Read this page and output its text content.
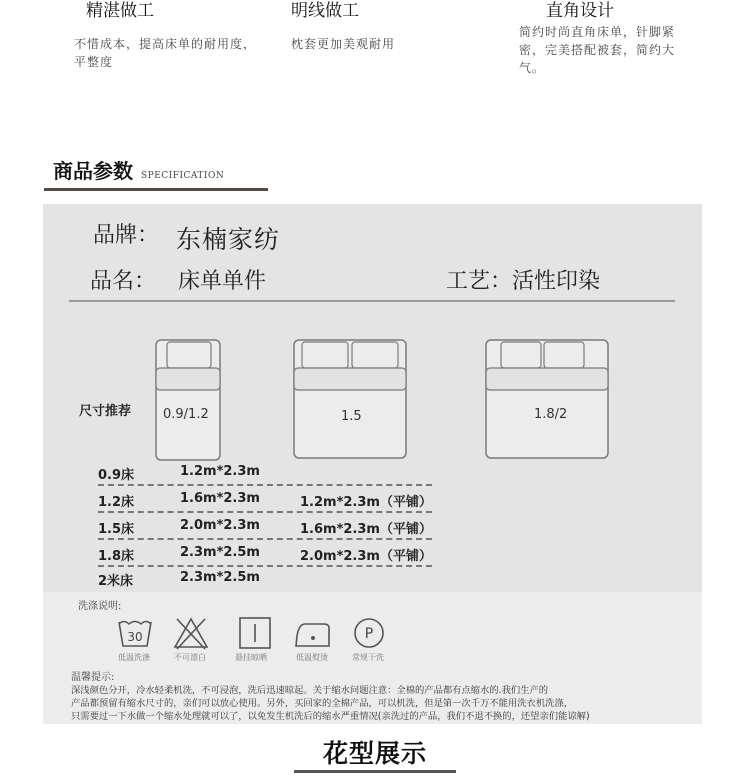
精湛做工
不惜成本，提高床单的耐用度，平整度
明线做工
枕套更加美观耐用
直角设计
简约时尚直角床单，针脚紧密，完美搭配被套，简约大气。
商品参数 SPECIFICATION
品牌： 东楠家纺
品名： 床单单件	工艺：活性印染
尺寸推荐 0.9/1.2	1.5	1.8/2
0.9床	1.2m*2.3m
1.2床	1.6m*2.3m	1.2m*2.3m（平铺）
1.5床	2.0m*2.3m	1.6m*2.3m（平铺）
1.8床	2.3m*2.5m	2.0m*2.3m（平铺）
2米床	2.3m*2.5m
洗涤说明:
30
低温洗涤	不可漂白	悬挂晾晒	低温熨烫
P
常规干洗
温馨提示:
深浅颜色分开，冷水轻柔机洗，不可浸泡，洗后迅速晾起。关于缩水问题注意：全棉的产品都有点缩水的.我们生产的
产品都预留有缩水尺寸的，亲们可以放心使用。另外，买回家的全棉产品，可以机洗，但是第一次千万不能用洗衣机洗涤，
只需要过一下水做一个缩水处理就可以了，以免发生机洗后的缩水严重情况(亲洗过的产品，我们不退不换的，还望亲们能谅解)
花型展示
